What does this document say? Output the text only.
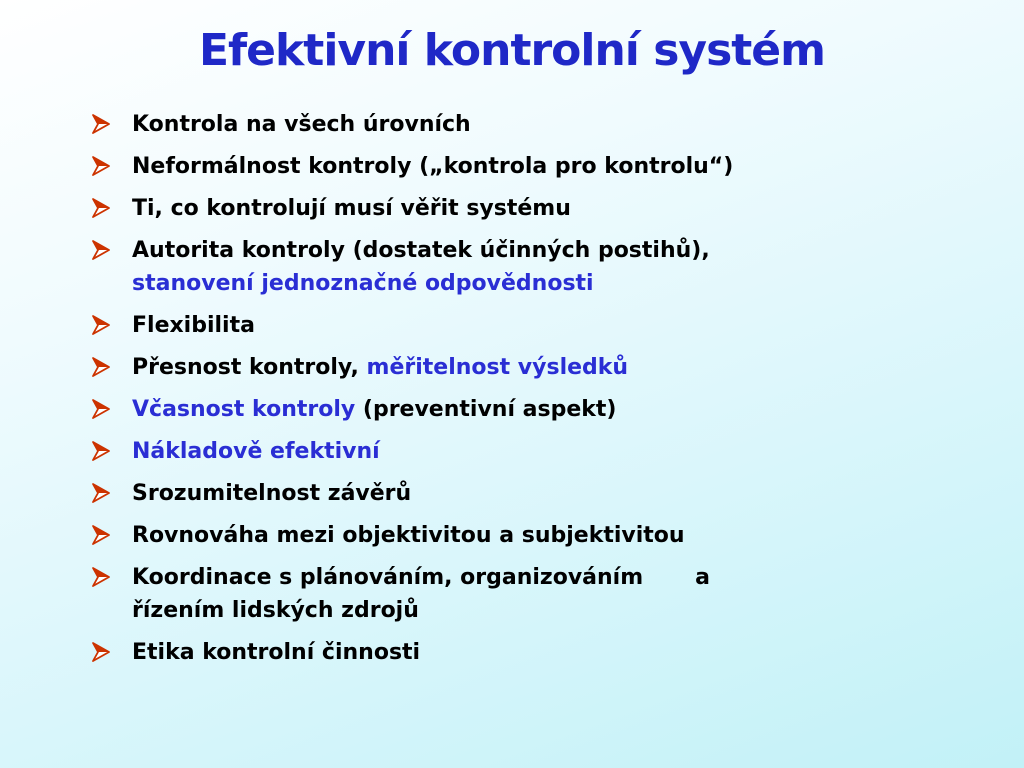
Efektivní kontrolní systém
Kontrola na všech úrovních
Neformálnost kontroly („kontrola pro kontrolu“)
Ti, co kontrolují musí věřit systému
Autorita kontroly (dostatek účinných postihů),
stanovení jednoznačné odpovědnosti
Flexibilita
Přesnost kontroly, měřitelnost výsledků
Včasnost kontroly (preventivní aspekt)
Nákladově efektivní
Srozumitelnost závěrů
Rovnováha mezi objektivitou a subjektivitou
Koordinace s plánováním, organizováním a
řízením lidských zdrojů
Etika kontrolní činnosti
